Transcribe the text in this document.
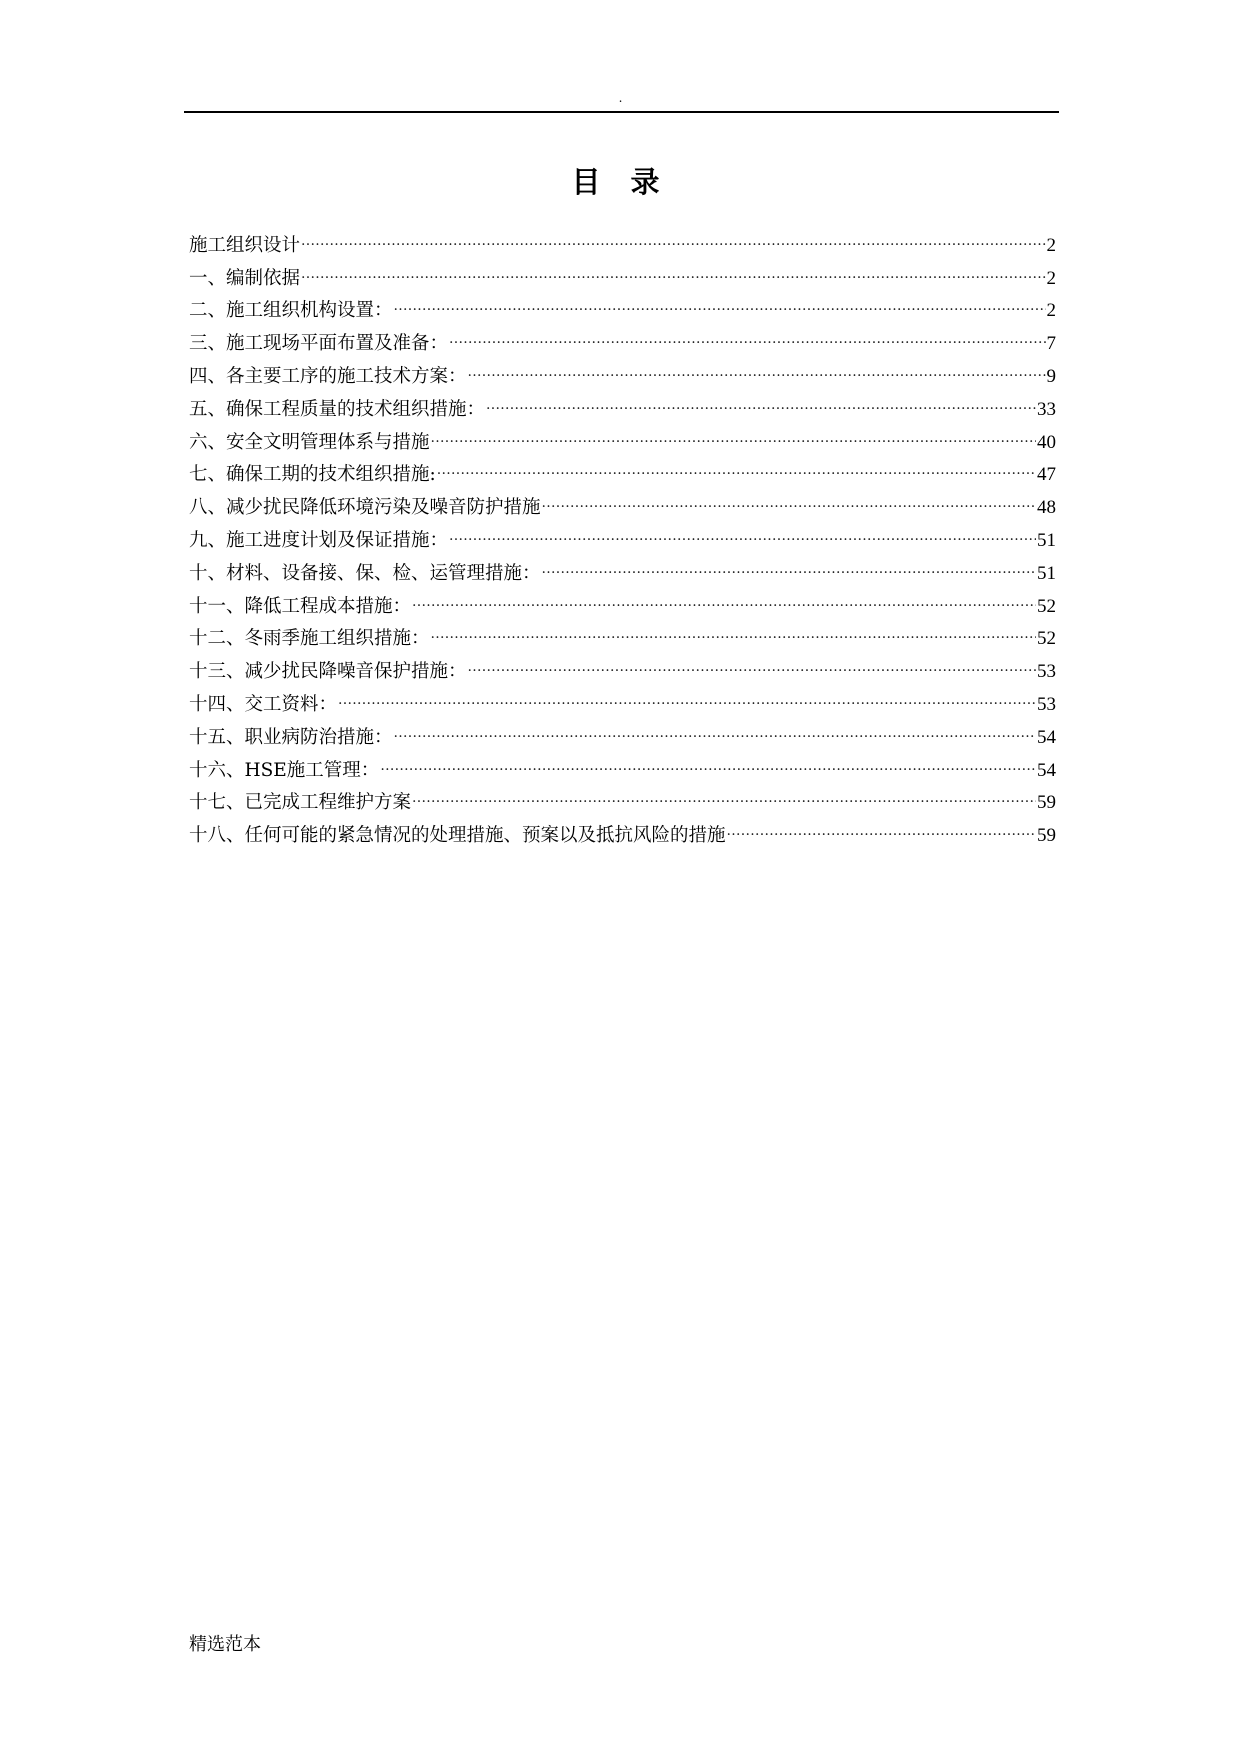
.
目 录
施工组织设计 .....	2
一、编制依据 .....	2
二、施工组织机构设置： .....	2
三、施工现场平面布置及准备： .....	7
四、各主要工序的施工技术方案： .....	9
五、确保工程质量的技术组织措施： .....	33
六、安全文明管理体系与措施 .....	40
七、确保工期的技术组织措施: .....	47
八、减少扰民降低环境污染及噪音防护措施 .....	48
九、施工进度计划及保证措施： .....	51
十、材料、设备接、保、检、运管理措施： .....	51
十一、降低工程成本措施： .....	52
十二、冬雨季施工组织措施： .....	52
十三、减少扰民降噪音保护措施： .....	53
十四、交工资料： .....	53
十五、职业病防治措施： .....	54
十六、HSE施工管理： .....	54
十七、已完成工程维护方案 .....	59
十八、任何可能的紧急情况的处理措施、预案以及抵抗风险的措施 .....	59
精选范本
